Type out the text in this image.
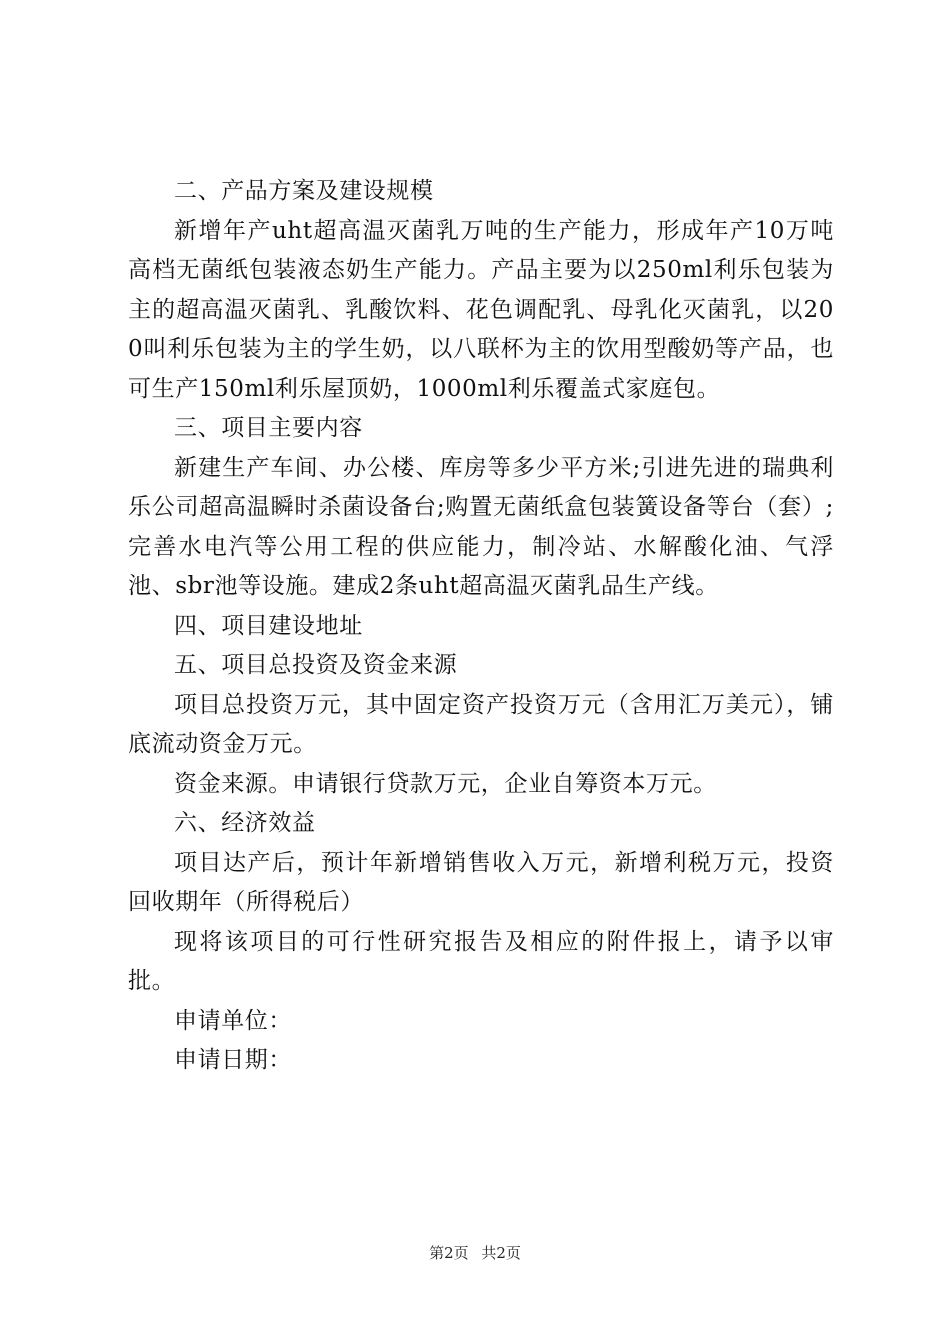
二、产品方案及建设规模

新增年产uht超高温灭菌乳万吨的生产能力，形成年产10万吨高档无菌纸包装液态奶生产能力。产品主要为以250ml利乐包装为主的超高温灭菌乳、乳酸饮料、花色调配乳、母乳化灭菌乳，以200叫利乐包装为主的学生奶，以八联杯为主的饮用型酸奶等产品，也可生产150ml利乐屋顶奶，1000ml利乐覆盖式家庭包。

三、项目主要内容

新建生产车间、办公楼、库房等多少平方米;引进先进的瑞典利乐公司超高温瞬时杀菌设备台;购置无菌纸盒包装簧设备等台（套）;完善水电汽等公用工程的供应能力，制冷站、水解酸化油、气浮池、sbr池等设施。建成2条uht超高温灭菌乳品生产线。

四、项目建设地址

五、项目总投资及资金来源

项目总投资万元，其中固定资产投资万元（含用汇万美元），铺底流动资金万元。

资金来源。申请银行贷款万元，企业自筹资本万元。

六、经济效益

项目达产后，预计年新增销售收入万元，新增利税万元，投资回收期年（所得税后）

现将该项目的可行性研究报告及相应的附件报上，请予以审批。

申请单位：

申请日期：

第2页 共2页
